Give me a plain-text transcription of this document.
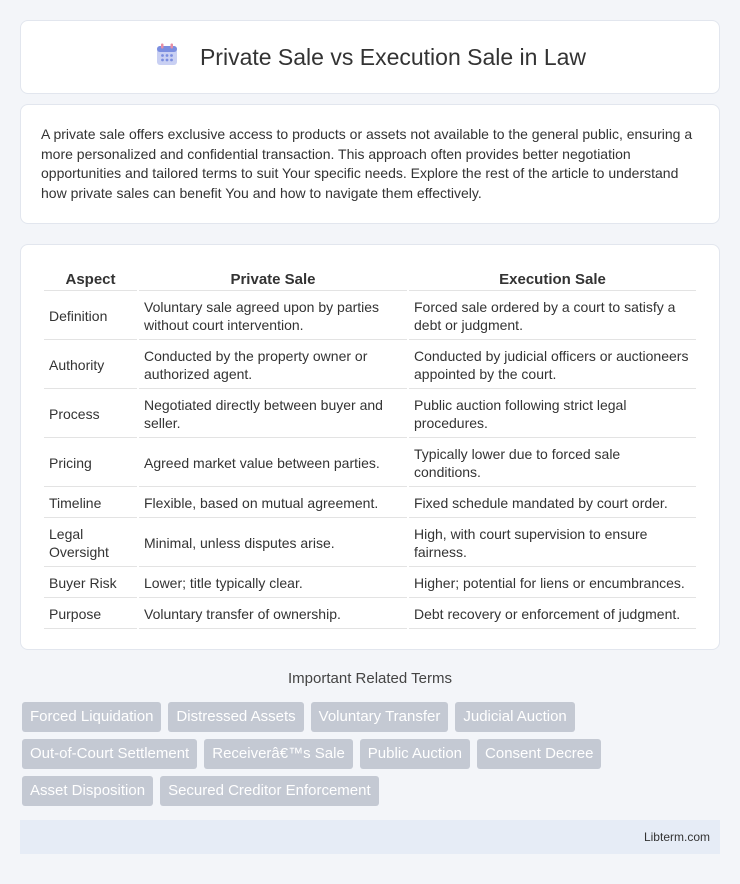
Private Sale vs Execution Sale in Law

A private sale offers exclusive access to products or assets not available to the general public, ensuring a more personalized and confidential transaction. This approach often provides better negotiation opportunities and tailored terms to suit Your specific needs. Explore the rest of the article to understand how private sales can benefit You and how to navigate them effectively.

Aspect	Private Sale	Execution Sale
Definition	Voluntary sale agreed upon by parties without court intervention.	Forced sale ordered by a court to satisfy a debt or judgment.
Authority	Conducted by the property owner or authorized agent.	Conducted by judicial officers or auctioneers appointed by the court.
Process	Negotiated directly between buyer and seller.	Public auction following strict legal procedures.
Pricing	Agreed market value between parties.	Typically lower due to forced sale conditions.
Timeline	Flexible, based on mutual agreement.	Fixed schedule mandated by court order.
Legal Oversight	Minimal, unless disputes arise.	High, with court supervision to ensure fairness.
Buyer Risk	Lower; title typically clear.	Higher; potential for liens or encumbrances.
Purpose	Voluntary transfer of ownership.	Debt recovery or enforcement of judgment.
Important Related Terms
Forced Liquidation	Distressed Assets	Voluntary Transfer	Judicial Auction
Out-of-Court Settlement	Receiverâ€™s Sale	Public Auction	Consent Decree
Asset Disposition	Secured Creditor Enforcement
Libterm.com
